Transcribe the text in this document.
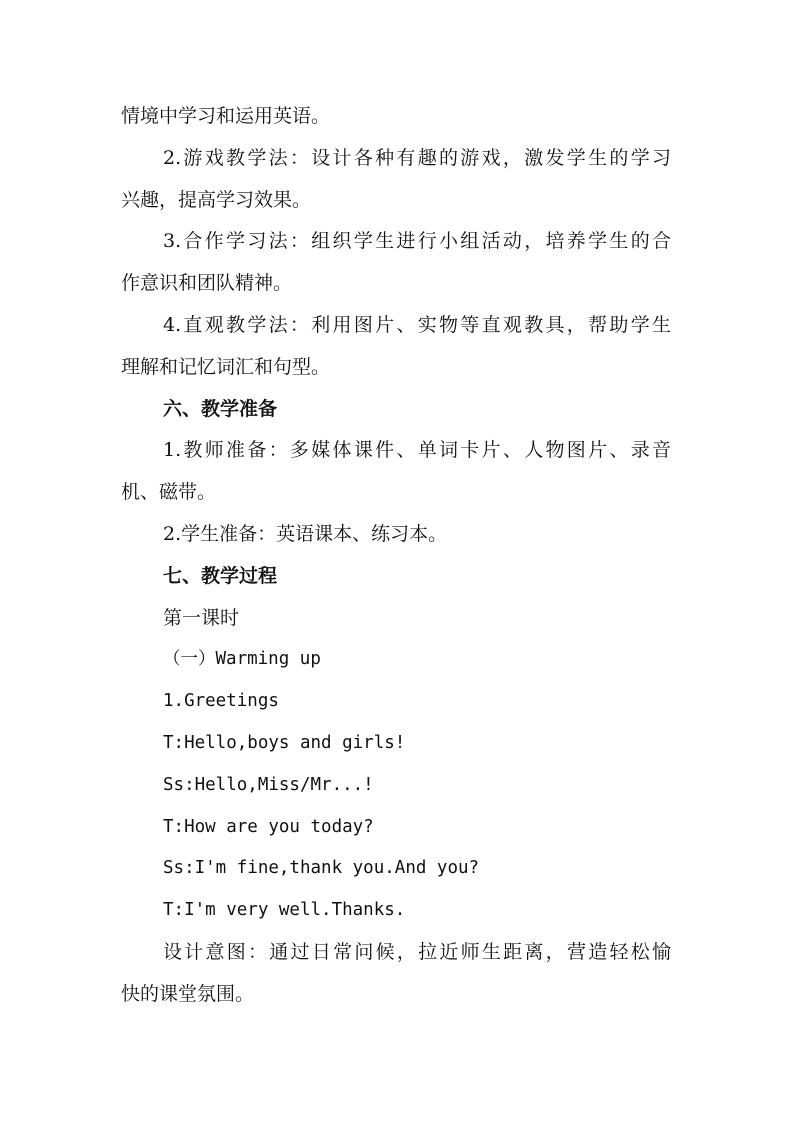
情境中学习和运用英语。
2.游戏教学法：设计各种有趣的游戏，激发学生的学习
兴趣，提高学习效果。
3.合作学习法：组织学生进行小组活动，培养学生的合
作意识和团队精神。
4.直观教学法：利用图片、实物等直观教具，帮助学生
理解和记忆词汇和句型。
六、教学准备
1.教师准备：多媒体课件、单词卡片、人物图片、录音
机、磁带。
2.学生准备：英语课本、练习本。
七、教学过程
第一课时
（一）Warming up
1.Greetings
T:Hello,boys and girls!
Ss:Hello,Miss/Mr...!
T:How are you today?
Ss:I'm fine,thank you.And you?
T:I'm very well.Thanks.
设计意图：通过日常问候，拉近师生距离，营造轻松愉
快的课堂氛围。
